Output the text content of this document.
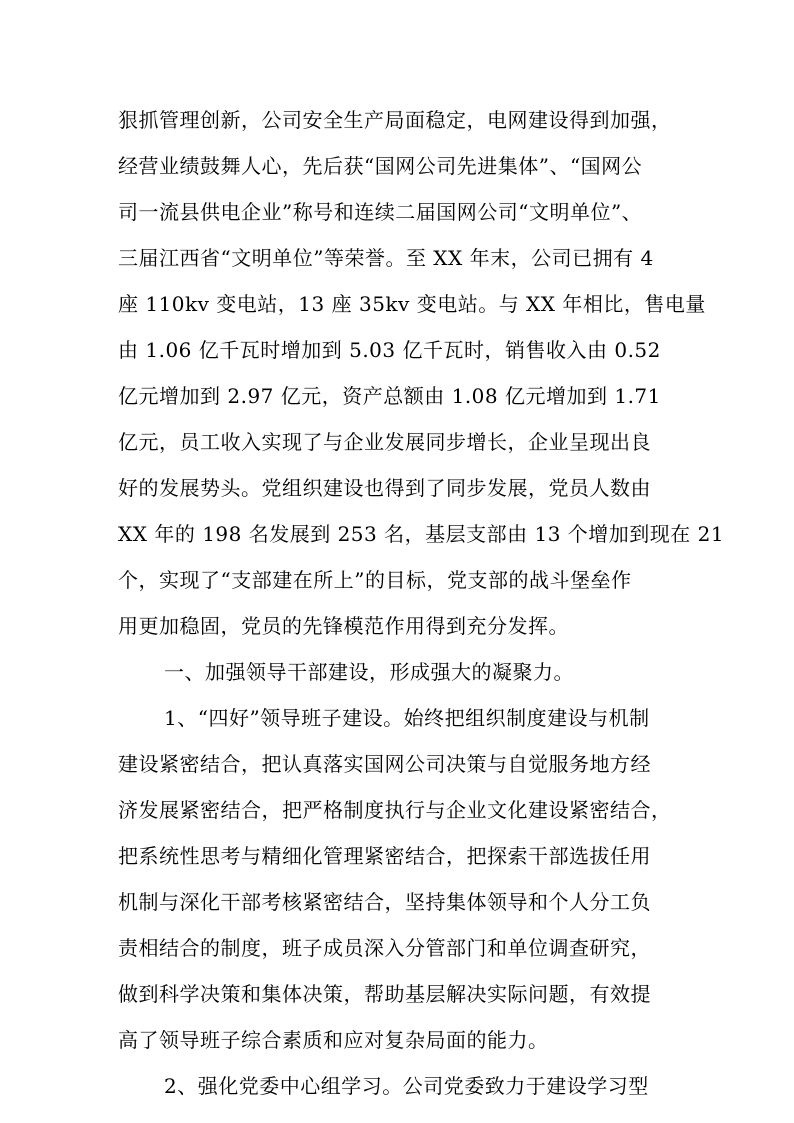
狠抓管理创新，公司安全生产局面稳定，电网建设得到加强，
经营业绩鼓舞人心，先后获“国网公司先进集体”、“国网公
司一流县供电企业”称号和连续二届国网公司“文明单位”、
三届江西省“文明单位”等荣誉。至 XX 年末，公司已拥有 4
座 110kv 变电站，13 座 35kv 变电站。与 XX 年相比，售电量
由 1.06 亿千瓦时增加到 5.03 亿千瓦时，销售收入由 0.52
亿元增加到 2.97 亿元，资产总额由 1.08 亿元增加到 1.71
亿元，员工收入实现了与企业发展同步增长，企业呈现出良
好的发展势头。党组织建设也得到了同步发展，党员人数由
XX 年的 198 名发展到 253 名，基层支部由 13 个增加到现在 21
个，实现了“支部建在所上”的目标，党支部的战斗堡垒作
用更加稳固，党员的先锋模范作用得到充分发挥。
一、加强领导干部建设，形成强大的凝聚力。
1、“四好”领导班子建设。始终把组织制度建设与机制
建设紧密结合，把认真落实国网公司决策与自觉服务地方经
济发展紧密结合，把严格制度执行与企业文化建设紧密结合，
把系统性思考与精细化管理紧密结合，把探索干部选拔任用
机制与深化干部考核紧密结合，坚持集体领导和个人分工负
责相结合的制度，班子成员深入分管部门和单位调查研究，
做到科学决策和集体决策，帮助基层解决实际问题，有效提
高了领导班子综合素质和应对复杂局面的能力。
2、强化党委中心组学习。公司党委致力于建设学习型
